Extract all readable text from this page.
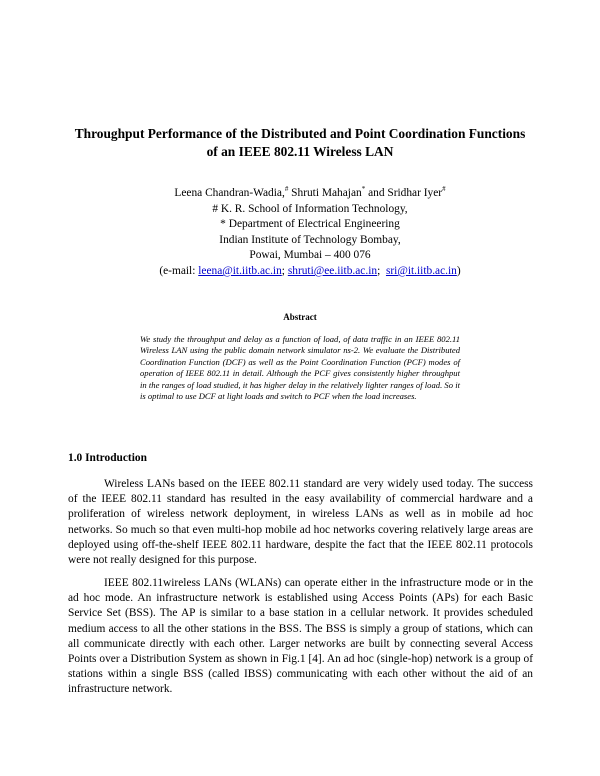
Throughput Performance of the Distributed and Point Coordination Functions
of an IEEE 802.11 Wireless LAN
Leena Chandran-Wadia,# Shruti Mahajan* and Sridhar Iyer#
# K. R. School of Information Technology,
* Department of Electrical Engineering
Indian Institute of Technology Bombay,
Powai, Mumbai – 400 076
(e-mail: leena@it.iitb.ac.in; shruti@ee.iitb.ac.in;  sri@it.iitb.ac.in)
Abstract
We study the throughput and delay as a function of load, of data traffic in an IEEE 802.11 Wireless LAN using the public domain network simulator ns-2. We evaluate the Distributed Coordination Function (DCF) as well as the Point Coordination Function (PCF) modes of operation of IEEE 802.11 in detail. Although the PCF gives consistently higher throughput in the ranges of load studied, it has higher delay in the relatively lighter ranges of load. So it is optimal to use DCF at light loads and switch to PCF when the load increases.
1.0 Introduction

Wireless LANs based on the IEEE 802.11 standard are very widely used today. The success of the IEEE 802.11 standard has resulted in the easy availability of commercial hardware and a proliferation of wireless network deployment, in wireless LANs as well as in mobile ad hoc networks. So much so that even multi-hop mobile ad hoc networks covering relatively large areas are deployed using off-the-shelf IEEE 802.11 hardware, despite the fact that the IEEE 802.11 protocols were not really designed for this purpose.

IEEE 802.11wireless LANs (WLANs) can operate either in the infrastructure mode or in the ad hoc mode. An infrastructure network is established using Access Points (APs) for each Basic Service Set (BSS). The AP is similar to a base station in a cellular network. It provides scheduled medium access to all the other stations in the BSS. The BSS is simply a group of stations, which can all communicate directly with each other. Larger networks are built by connecting several Access Points over a Distribution System as shown in Fig.1 [4]. An ad hoc (single-hop) network is a group of stations within a single BSS (called IBSS) communicating with each other without the aid of an infrastructure network.
